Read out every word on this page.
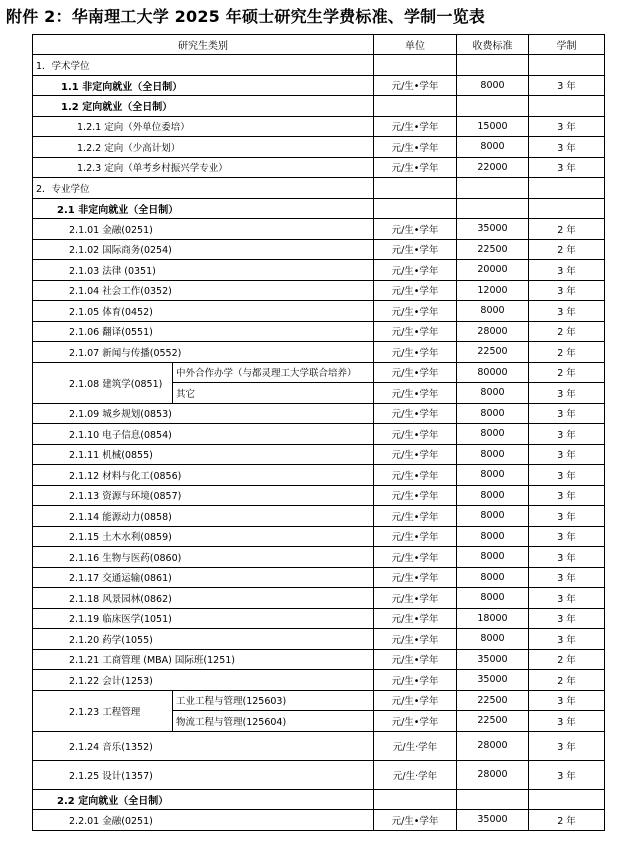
附件 2：华南理工大学 2025 年硕士研究生学费标准、学制一览表
研究生类别		单位	收费标准	学制
1．学术学位				
1.1 非定向就业（全日制）		元/生•学年	8000	3 年
1.2 定向就业（全日制）				
1.2.1 定向（外单位委培）		元/生•学年	15000	3 年
1.2.2 定向（少高计划）		元/生•学年	8000	3 年
1.2.3 定向（单考乡村振兴学专业）		元/生•学年	22000	3 年
2．专业学位				
2.1 非定向就业（全日制）				
2.1.01 金融(0251)		元/生•学年	35000	2 年
2.1.02 国际商务(0254)		元/生•学年	22500	2 年
2.1.03 法律 (0351)		元/生•学年	20000	3 年
2.1.04 社会工作(0352)		元/生•学年	12000	3 年
2.1.05 体育(0452)		元/生•学年	8000	3 年
2.1.06 翻译(0551)		元/生•学年	28000	2 年
2.1.07 新闻与传播(0552)		元/生•学年	22500	2 年
2.1.08 建筑学(0851)	中外合作办学（与都灵理工大学联合培养）	元/生•学年	80000	2 年
	其它	元/生•学年	8000	3 年
2.1.09 城乡规划(0853)		元/生•学年	8000	3 年
2.1.10 电子信息(0854)		元/生•学年	8000	3 年
2.1.11 机械(0855)		元/生•学年	8000	3 年
2.1.12 材料与化工(0856)		元/生•学年	8000	3 年
2.1.13 资源与环境(0857)		元/生•学年	8000	3 年
2.1.14 能源动力(0858)		元/生•学年	8000	3 年
2.1.15 土木水利(0859)		元/生•学年	8000	3 年
2.1.16 生物与医药(0860)		元/生•学年	8000	3 年
2.1.17 交通运输(0861)		元/生•学年	8000	3 年
2.1.18 风景园林(0862)		元/生•学年	8000	3 年
2.1.19 临床医学(1051)		元/生•学年	18000	3 年
2.1.20 药学(1055)		元/生•学年	8000	3 年
2.1.21 工商管理 (MBA) 国际班(1251)		元/生•学年	35000	2 年
2.1.22 会计(1253)		元/生•学年	35000	2 年
2.1.23 工程管理	工业工程与管理(125603)	元/生•学年	22500	3 年
	物流工程与管理(125604)	元/生•学年	22500	3 年
2.1.24 音乐(1352)		元/生·学年	28000	3 年
2.1.25 设计(1357)		元/生·学年	28000	3 年
2.2 定向就业（全日制）				
2.2.01 金融(0251)		元/生•学年	35000	2 年
